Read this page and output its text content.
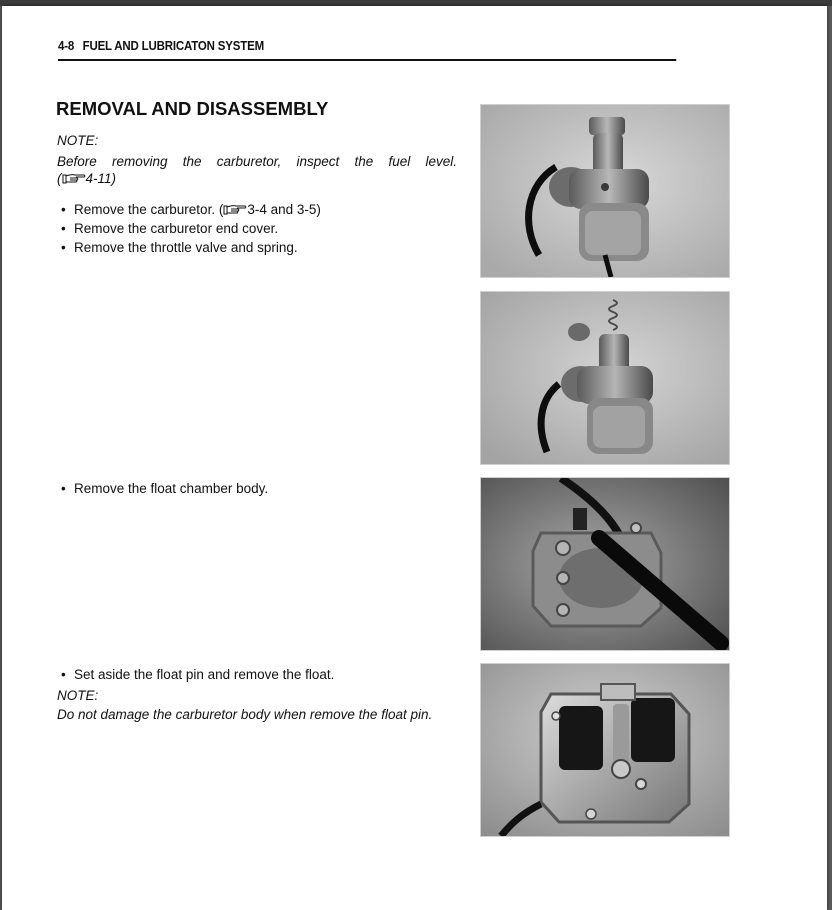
4-8 FUEL AND LUBRICATON SYSTEM
REMOVAL AND DISASSEMBLY

NOTE:

Before removing the carburetor, inspect the fuel level.

( 4-11)
• Remove the carburetor. ( 3-4 and 3-5)
• Remove the carburetor end cover.
• Remove the throttle valve and spring.
• Remove the float chamber body.
• Set aside the float pin and remove the float.

NOTE:

Do not damage the carburetor body when remove the float pin.
